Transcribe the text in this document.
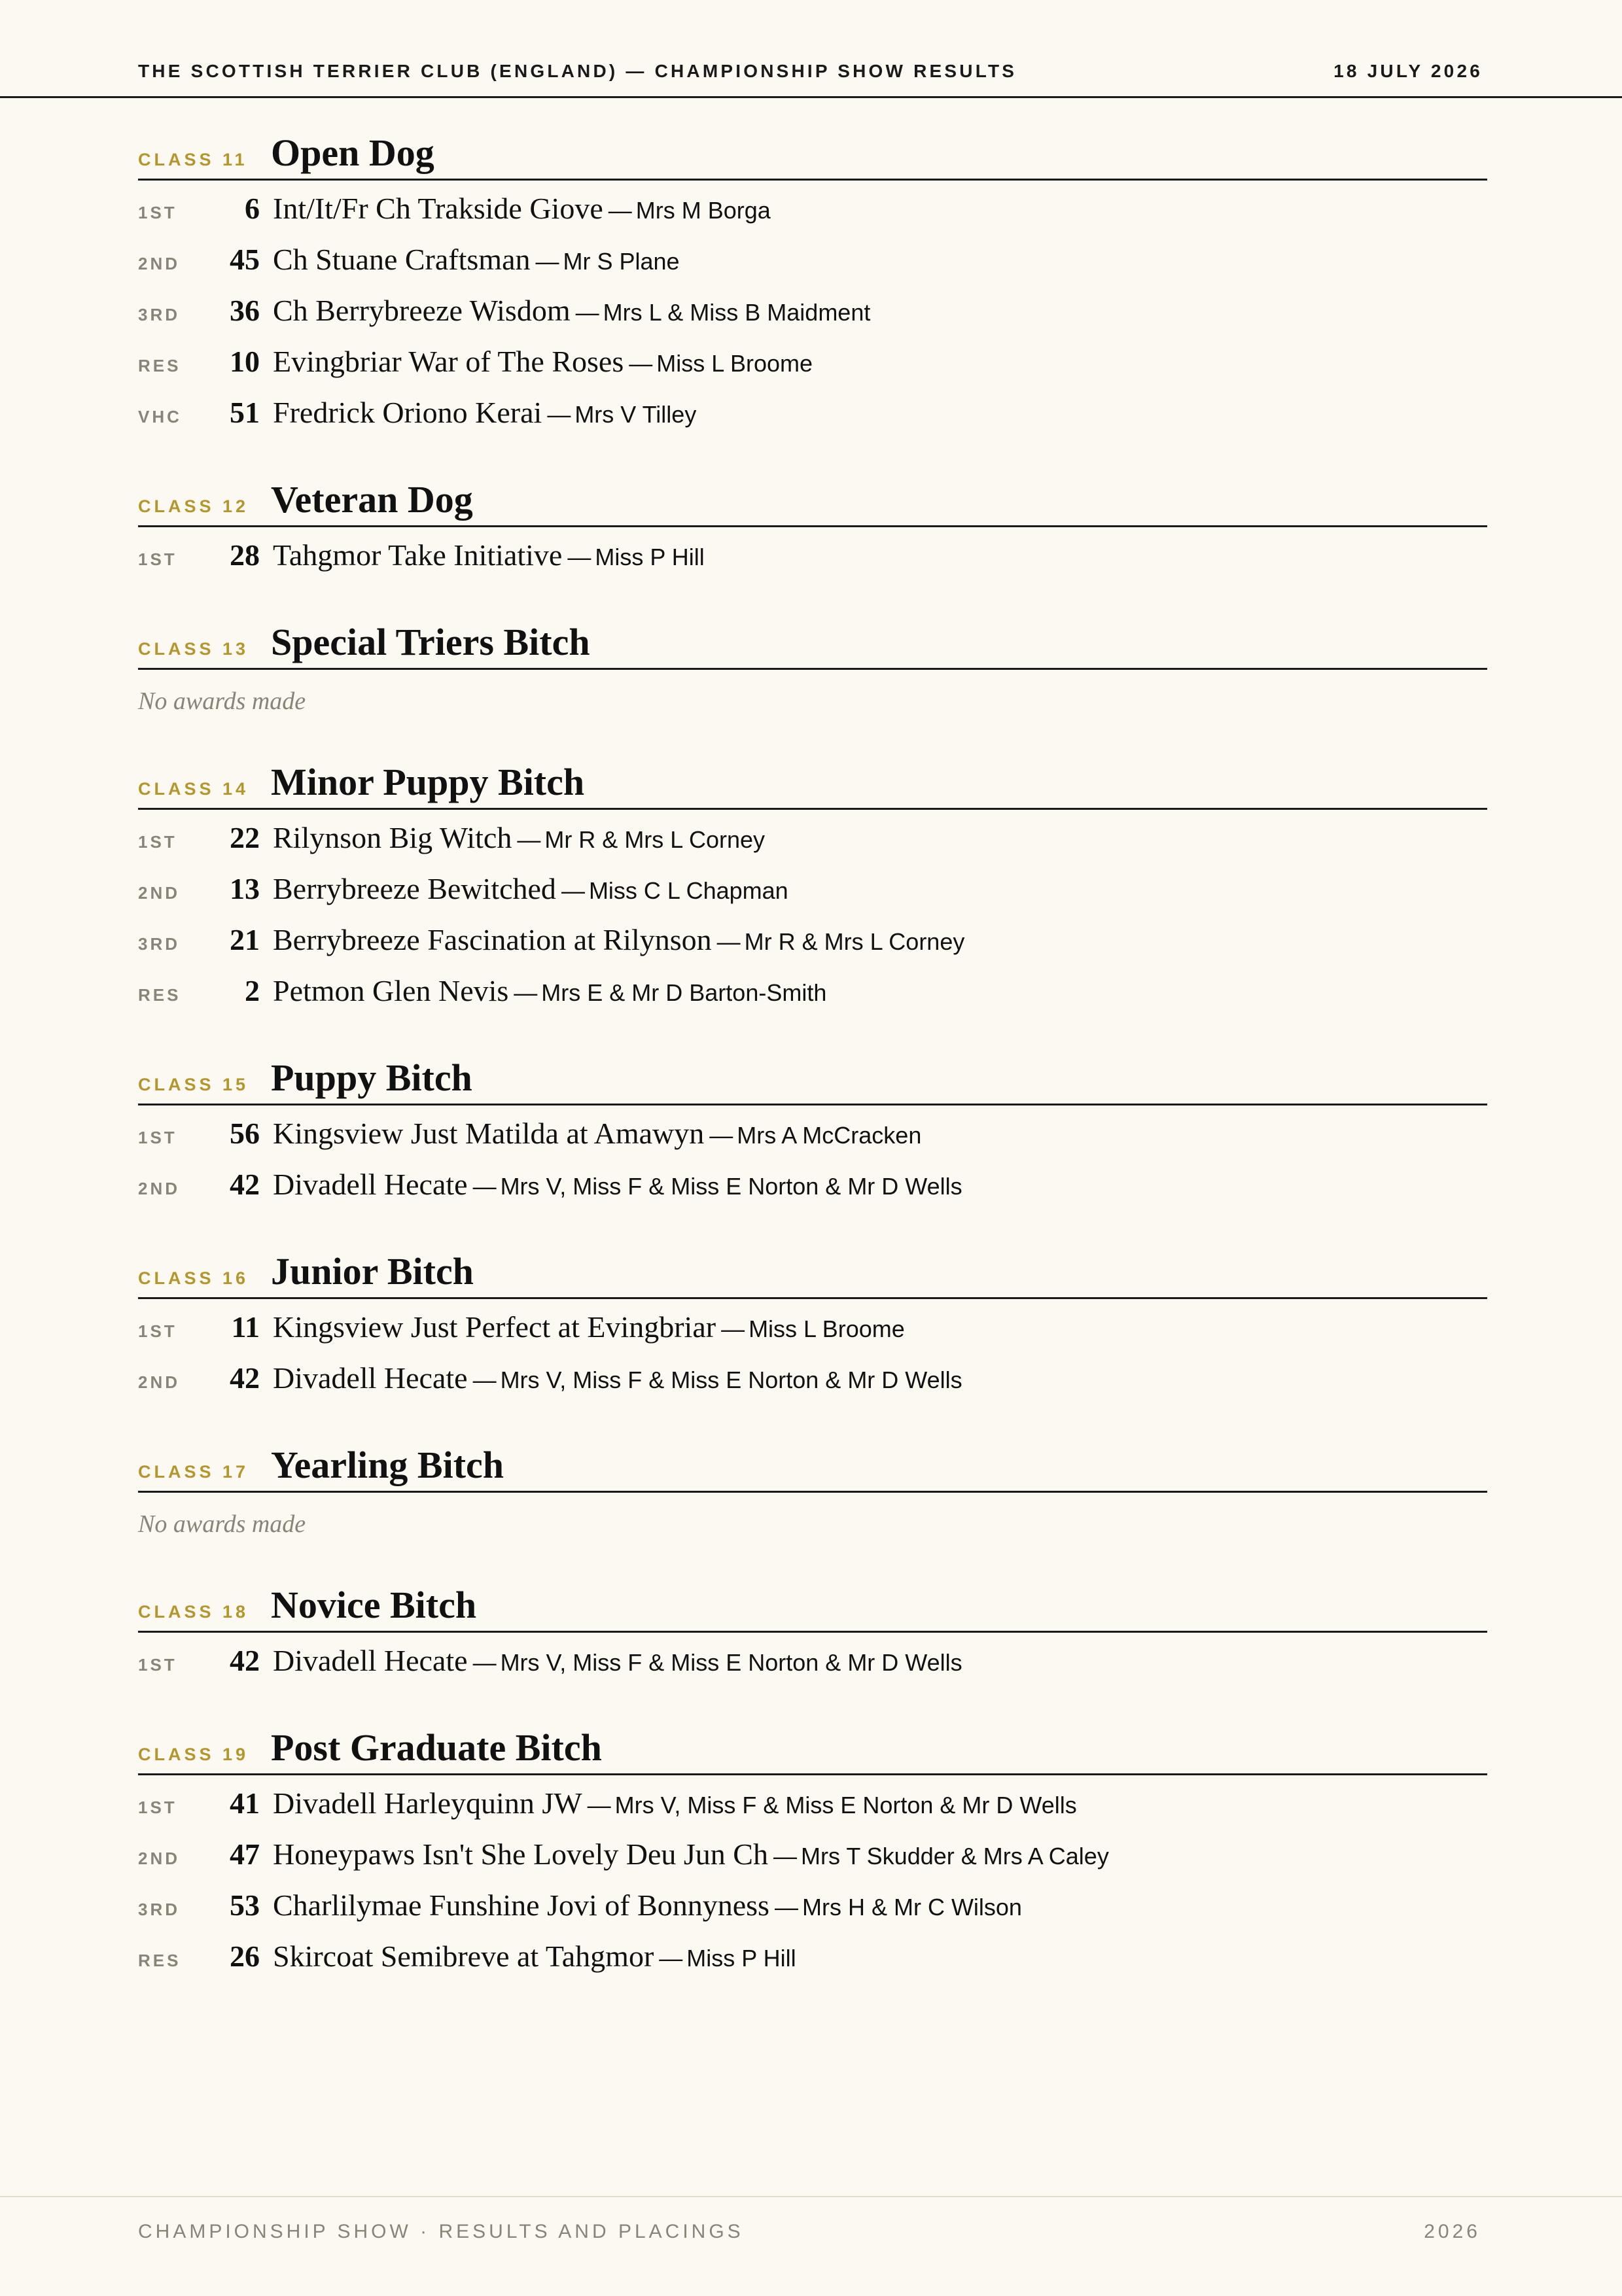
THE SCOTTISH TERRIER CLUB (ENGLAND) — CHAMPIONSHIP SHOW RESULTS	18 JULY 2026
CLASS 11 Open Dog
1ST	6 Int/It/Fr Ch Trakside Giove — Mrs M Borga
2ND	45 Ch Stuane Craftsman — Mr S Plane
3RD	36 Ch Berrybreeze Wisdom — Mrs L & Miss B Maidment
RES	10 Evingbriar War of The Roses — Miss L Broome
VHC	51 Fredrick Oriono Kerai — Mrs V Tilley
CLASS 12 Veteran Dog
1ST	28 Tahgmor Take Initiative — Miss P Hill
CLASS 13 Special Triers Bitch
No awards made
CLASS 14 Minor Puppy Bitch
1ST	22 Rilynson Big Witch — Mr R & Mrs L Corney
2ND	13 Berrybreeze Bewitched — Miss C L Chapman
3RD	21 Berrybreeze Fascination at Rilynson — Mr R & Mrs L Corney
RES	2 Petmon Glen Nevis — Mrs E & Mr D Barton-Smith
CLASS 15 Puppy Bitch
1ST	56 Kingsview Just Matilda at Amawyn — Mrs A McCracken
2ND	42 Divadell Hecate — Mrs V, Miss F & Miss E Norton & Mr D Wells
CLASS 16 Junior Bitch
1ST	11 Kingsview Just Perfect at Evingbriar — Miss L Broome
2ND	42 Divadell Hecate — Mrs V, Miss F & Miss E Norton & Mr D Wells
CLASS 17 Yearling Bitch
No awards made
CLASS 18 Novice Bitch
1ST	42 Divadell Hecate — Mrs V, Miss F & Miss E Norton & Mr D Wells
CLASS 19 Post Graduate Bitch
1ST	41 Divadell Harleyquinn JW — Mrs V, Miss F & Miss E Norton & Mr D Wells
2ND	47 Honeypaws Isn't She Lovely Deu Jun Ch — Mrs T Skudder & Mrs A Caley
3RD	53 Charlilymae Funshine Jovi of Bonnyness — Mrs H & Mr C Wilson
RES	26 Skircoat Semibreve at Tahgmor — Miss P Hill
CHAMPIONSHIP SHOW · RESULTS AND PLACINGS	2026
